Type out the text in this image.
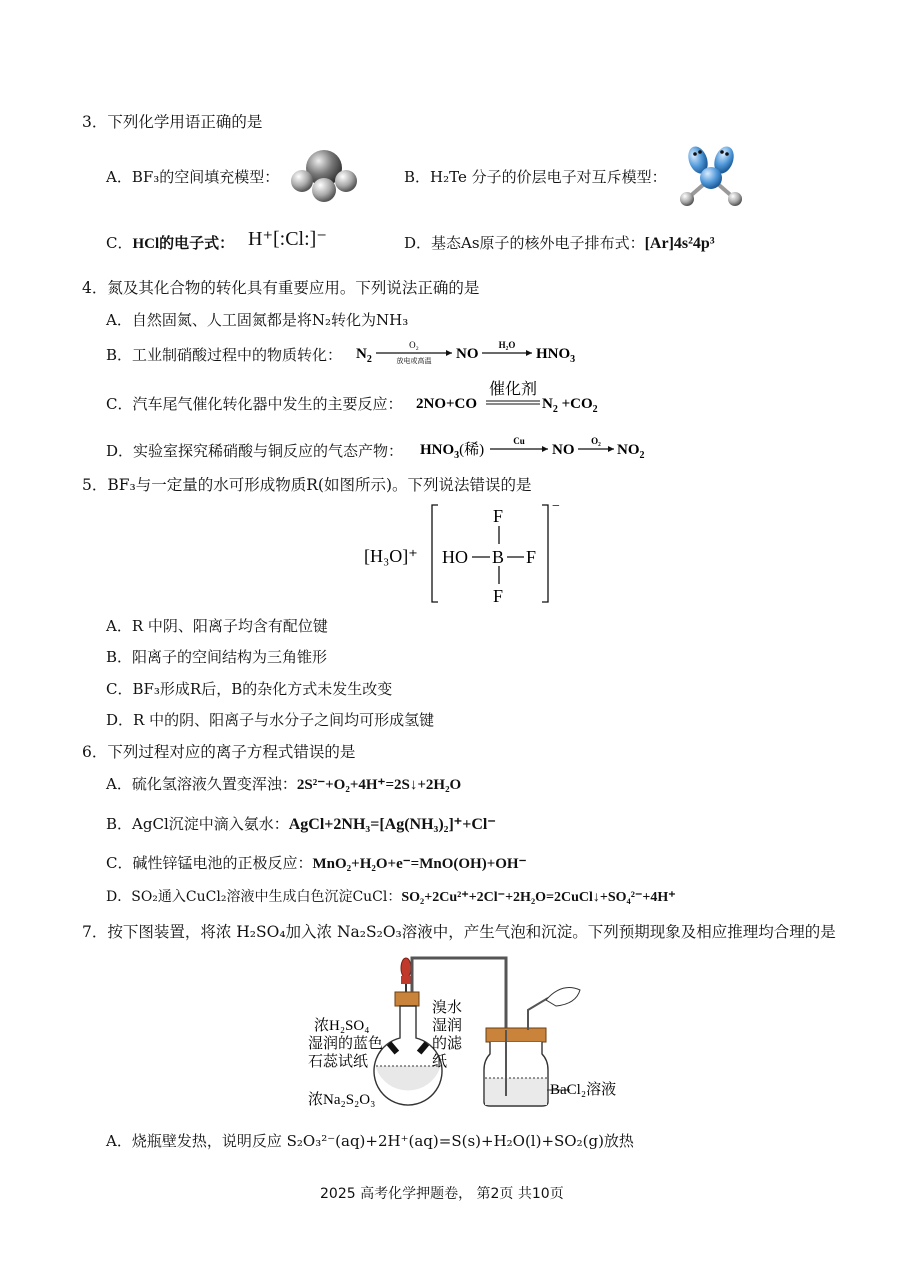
3．下列化学用语正确的是
A．BF₃的空间填充模型：	B．H₂Te 分子的价层电子对互斥模型：
C．HCl的电子式： H⁺[:Cl:]⁻	D．基态As原子的核外电子排布式：[Ar]4s²4p³
4．氮及其化合物的转化具有重要应用。下列说法正确的是
A．自然固氮、人工固氮都是将N₂转化为NH₃
B．工业制硝酸过程中的物质转化： $N_2$
O₂
放电或高温 NO
H₂O
$HNO_3$
C．汽车尾气催化转化器中发生的主要反应： 2NO+CO
催化剂
$N_2 +CO_2$
D．实验室探究稀硝酸与铜反应的气态产物： $HNO_3$(稀)
Cu
NO
O₂
$NO_2$
5．BF₃与一定量的水可形成物质R(如图所示)。下列说法错误的是
[H₃O]⁺
−
HO B F
F
F
A．R 中阴、阳离子均含有配位键
B．阳离子的空间结构为三角锥形
C．BF₃形成R后，B的杂化方式未发生改变
D．R 中的阴、阳离子与水分子之间均可形成氢键
6．下列过程对应的离子方程式错误的是
A．硫化氢溶液久置变浑浊：2S²⁻+O₂+4H⁺=2S↓+2H₂O
B．AgCl沉淀中滴入氨水：AgCl+2NH₃=[Ag(NH₃)₂]⁺+Cl⁻
C．碱性锌锰电池的正极反应：MnO₂+H₂O+e⁻=MnO(OH)+OH⁻
D．SO₂通入CuCl₂溶液中生成白色沉淀CuCl：SO₂+2Cu²⁺+2Cl⁻+2H₂O=2CuCl↓+SO₄²⁻+4H⁺
7．按下图装置，将浓 H₂SO₄加入浓 Na₂S₂O₃溶液中，产生气泡和沉淀。下列预期现象及相应推理均合理的是
浓H₂SO₄
湿润的蓝色
石蕊试纸
溴水
湿润
的滤
纸
浓Na₂S₂O₃
BaCl₂溶液
A．烧瓶壁发热，说明反应 S₂O₃²⁻(aq)+2H⁺(aq)=S(s)+H₂O(l)+SO₂(g)放热
2025 高考化学押题卷， 第2页 共10页
